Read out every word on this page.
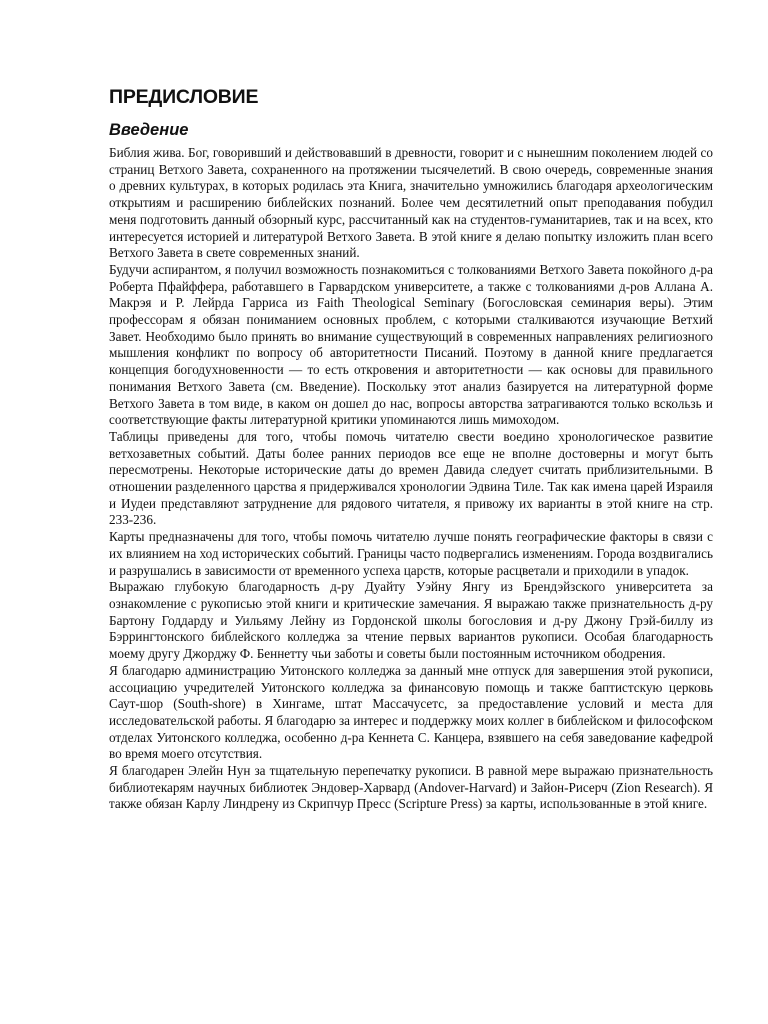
ПРЕДИСЛОВИЕ
Введение

Библия жива. Бог, говоривший и действовавший в древности, говорит и с нынешним поколением людей со страниц Ветхого Завета, сохраненного на протяжении тысячелетий. В свою очередь, современные знания о древних культурах, в которых родилась эта Книга, значительно умножились благодаря археологическим открытиям и расширению библейских познаний. Более чем десятилетний опыт преподавания побудил меня подготовить данный обзорный курс, рассчитанный как на студентов-гуманитариев, так и на всех, кто интересуется историей и литературой Ветхого Завета. В этой книге я делаю попытку изложить план всего Ветхого Завета в свете современных знаний.

Будучи аспирантом, я получил возможность познакомиться с толкованиями Ветхого Завета покойного д-ра Роберта Пфайффера, работавшего в Гарвардском университете, а также с толкованиями д-ров Аллана А. Макрэя и Р. Лейрда Гарриса из Faith Theological Seminary (Богословская семинария веры). Этим профессорам я обязан пониманием основных проблем, с которыми сталкиваются изучающие Ветхий Завет. Необходимо было принять во внимание существующий в современных направлениях религиозного мышления конфликт по вопросу об авторитетности Писаний. Поэтому в данной книге предлагается концепция богодухновенности — то есть откровения и авторитетности — как основы для правильного понимания Ветхого Завета (см. Введение). Поскольку этот анализ базируется на литературной форме Ветхого Завета в том виде, в каком он дошел до нас, вопросы авторства затрагиваются только вскользь и соответствующие факты литературной критики упоминаются лишь мимоходом.

Таблицы приведены для того, чтобы помочь читателю свести воедино хронологическое развитие ветхозаветных событий. Даты более ранних периодов все еще не вполне достоверны и могут быть пересмотрены. Некоторые исторические даты до времен Давида следует считать приблизительными. В отношении разделенного царства я придерживался хронологии Эдвина Тиле. Так как имена царей Израиля и Иудеи представляют затруднение для рядового читателя, я привожу их варианты в этой книге на стр. 233-236.

Карты предназначены для того, чтобы помочь читателю лучше понять географические факторы в связи с их влиянием на ход исторических событий. Границы часто подвергались изменениям. Города воздвигались и разрушались в зависимости от временного успеха царств, которые расцветали и приходили в упадок.

Выражаю глубокую благодарность д-ру Дуайту Уэйну Янгу из Брендэйзского университета за ознакомление с рукописью этой книги и критические замечания. Я выражаю также признательность д-ру Бартону Годдарду и Уильяму Лейну из Гордонской школы богословия и д-ру Джону Грэй-биллу из Бэррингтонского библейского колледжа за чтение первых вариантов рукописи. Особая благодарность моему другу Джорджу Ф. Беннетту чьи заботы и советы были постоянным источником ободрения.

Я благодарю администрацию Уитонского колледжа за данный мне отпуск для завершения этой рукописи, ассоциацию учредителей Уитонского колледжа за финансовую помощь и также баптистскую церковь Саут-шор (South-shore) в Хингаме, штат Массачусетс, за предоставление условий и места для исследовательской работы. Я благодарю за интерес и поддержку моих коллег в библейском и философском отделах Уитонского колледжа, особенно д-ра Кеннета С. Канцера, взявшего на себя заведование кафедрой во время моего отсутствия.

Я благодарен Элейн Нун за тщательную перепечатку рукописи. В равной мере выражаю признательность библиотекарям научных библиотек Эндовер-Харвард (Andover-Harvard) и Зайон-Рисерч (Zion Research). Я также обязан Карлу Линдрену из Скрипчур Пресс (Scripture Press) за карты, использованные в этой книге.
